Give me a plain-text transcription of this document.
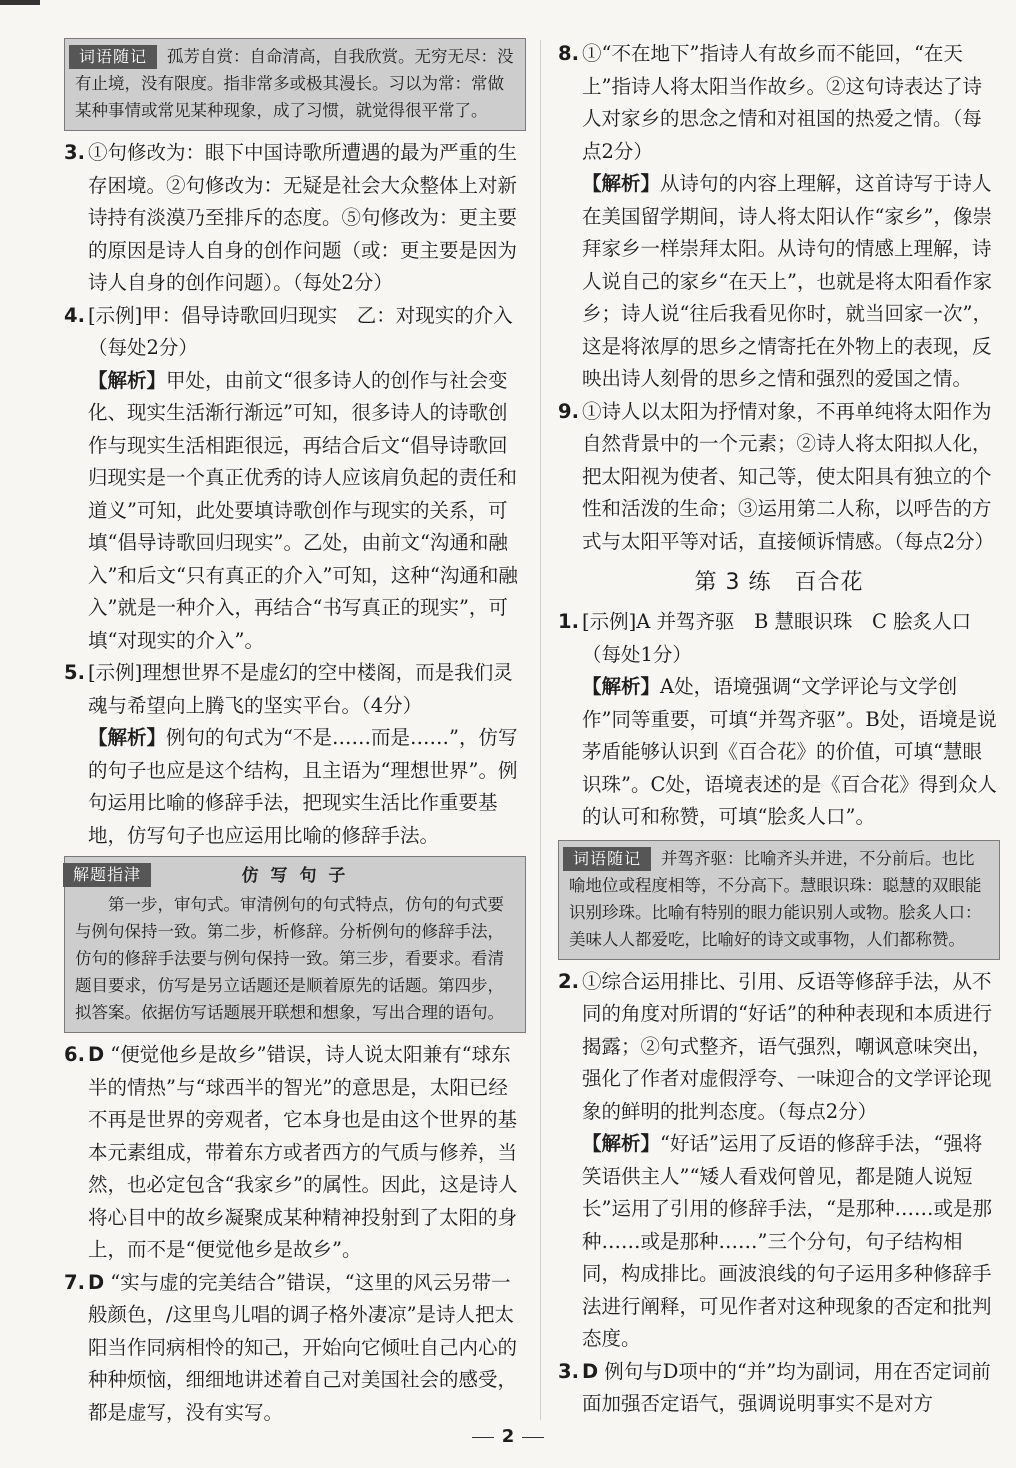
词语随记 孤芳自赏：自命清高，自我欣赏。无穷无尽：没有止境，没有限度。指非常多或极其漫长。习以为常：常做某种事情或常见某种现象，成了习惯，就觉得很平常了。
3. ①句修改为：眼下中国诗歌所遭遇的最为严重的生存困境。②句修改为：无疑是社会大众整体上对新诗持有淡漠乃至排斥的态度。⑤句修改为：更主要的原因是诗人自身的创作问题（或：更主要是因为诗人自身的创作问题）。（每处2分）
4. [示例]甲：倡导诗歌回归现实　乙：对现实的介入（每处2分）
【解析】甲处，由前文“很多诗人的创作与社会变化、现实生活渐行渐远”可知，很多诗人的诗歌创作与现实生活相距很远，再结合后文“倡导诗歌回归现实是一个真正优秀的诗人应该肩负起的责任和道义”可知，此处要填诗歌创作与现实的关系，可填“倡导诗歌回归现实”。乙处，由前文“沟通和融入”和后文“只有真正的介入”可知，这种“沟通和融入”就是一种介入，再结合“书写真正的现实”，可填“对现实的介入”。
5. [示例]理想世界不是虚幻的空中楼阁，而是我们灵魂与希望向上腾飞的坚实平台。（4分）
【解析】例句的句式为“不是……而是……”，仿写的句子也应是这个结构，且主语为“理想世界”。例句运用比喻的修辞手法，把现实生活比作重要基地，仿写句子也应运用比喻的修辞手法。
解题指津	仿 写 句 子
第一步，审句式。审清例句的句式特点，仿句的句式要与例句保持一致。第二步，析修辞。分析例句的修辞手法，仿句的修辞手法要与例句保持一致。第三步，看要求。看清题目要求，仿写是另立话题还是顺着原先的话题。第四步，拟答案。依据仿写话题展开联想和想象，写出合理的语句。
6. D “便觉他乡是故乡”错误，诗人说太阳兼有“球东半的情热”与“球西半的智光”的意思是，太阳已经不再是世界的旁观者，它本身也是由这个世界的基本元素组成，带着东方或者西方的气质与修养，当然，也必定包含“我家乡”的属性。因此，这是诗人将心目中的故乡凝聚成某种精神投射到了太阳的身上，而不是“便觉他乡是故乡”。
7. D “实与虚的完美结合”错误，“这里的风云另带一般颜色，/这里鸟儿唱的调子格外凄凉”是诗人把太阳当作同病相怜的知己，开始向它倾吐自己内心的种种烦恼，细细地讲述着自己对美国社会的感受，都是虚写，没有实写。
8. ①“不在地下”指诗人有故乡而不能回，“在天上”指诗人将太阳当作故乡。②这句诗表达了诗人对家乡的思念之情和对祖国的热爱之情。（每点2分）
【解析】从诗句的内容上理解，这首诗写于诗人在美国留学期间，诗人将太阳认作“家乡”，像崇拜家乡一样崇拜太阳。从诗句的情感上理解，诗人说自己的家乡“在天上”，也就是将太阳看作家乡；诗人说“往后我看见你时，就当回家一次”，这是将浓厚的思乡之情寄托在外物上的表现，反映出诗人刻骨的思乡之情和强烈的爱国之情。
9. ①诗人以太阳为抒情对象，不再单纯将太阳作为自然背景中的一个元素；②诗人将太阳拟人化，把太阳视为使者、知己等，使太阳具有独立的个性和活泼的生命；③运用第二人称，以呼告的方式与太阳平等对话，直接倾诉情感。（每点2分）
第 3 练　百合花
1. [示例]A 并驾齐驱　B 慧眼识珠　C 脍炙人口（每处1分）
【解析】A处，语境强调“文学评论与文学创作”同等重要，可填“并驾齐驱”。B处，语境是说茅盾能够认识到《百合花》的价值，可填“慧眼识珠”。C处，语境表述的是《百合花》得到众人的认可和称赞，可填“脍炙人口”。
词语随记 并驾齐驱：比喻齐头并进，不分前后。也比喻地位或程度相等，不分高下。慧眼识珠：聪慧的双眼能识别珍珠。比喻有特别的眼力能识别人或物。脍炙人口：美味人人都爱吃，比喻好的诗文或事物，人们都称赞。
2. ①综合运用排比、引用、反语等修辞手法，从不同的角度对所谓的“好话”的种种表现和本质进行揭露；②句式整齐，语气强烈，嘲讽意味突出，强化了作者对虚假浮夸、一味迎合的文学评论现象的鲜明的批判态度。（每点2分）
【解析】“好话”运用了反语的修辞手法，“强将笑语供主人”“矮人看戏何曾见，都是随人说短长”运用了引用的修辞手法，“是那种……或是那种……或是那种……”三个分句，句子结构相同，构成排比。画波浪线的句子运用多种修辞手法进行阐释，可见作者对这种现象的否定和批判态度。
3. D 例句与D项中的“并”均为副词，用在否定词前面加强否定语气，强调说明事实不是对方
2
